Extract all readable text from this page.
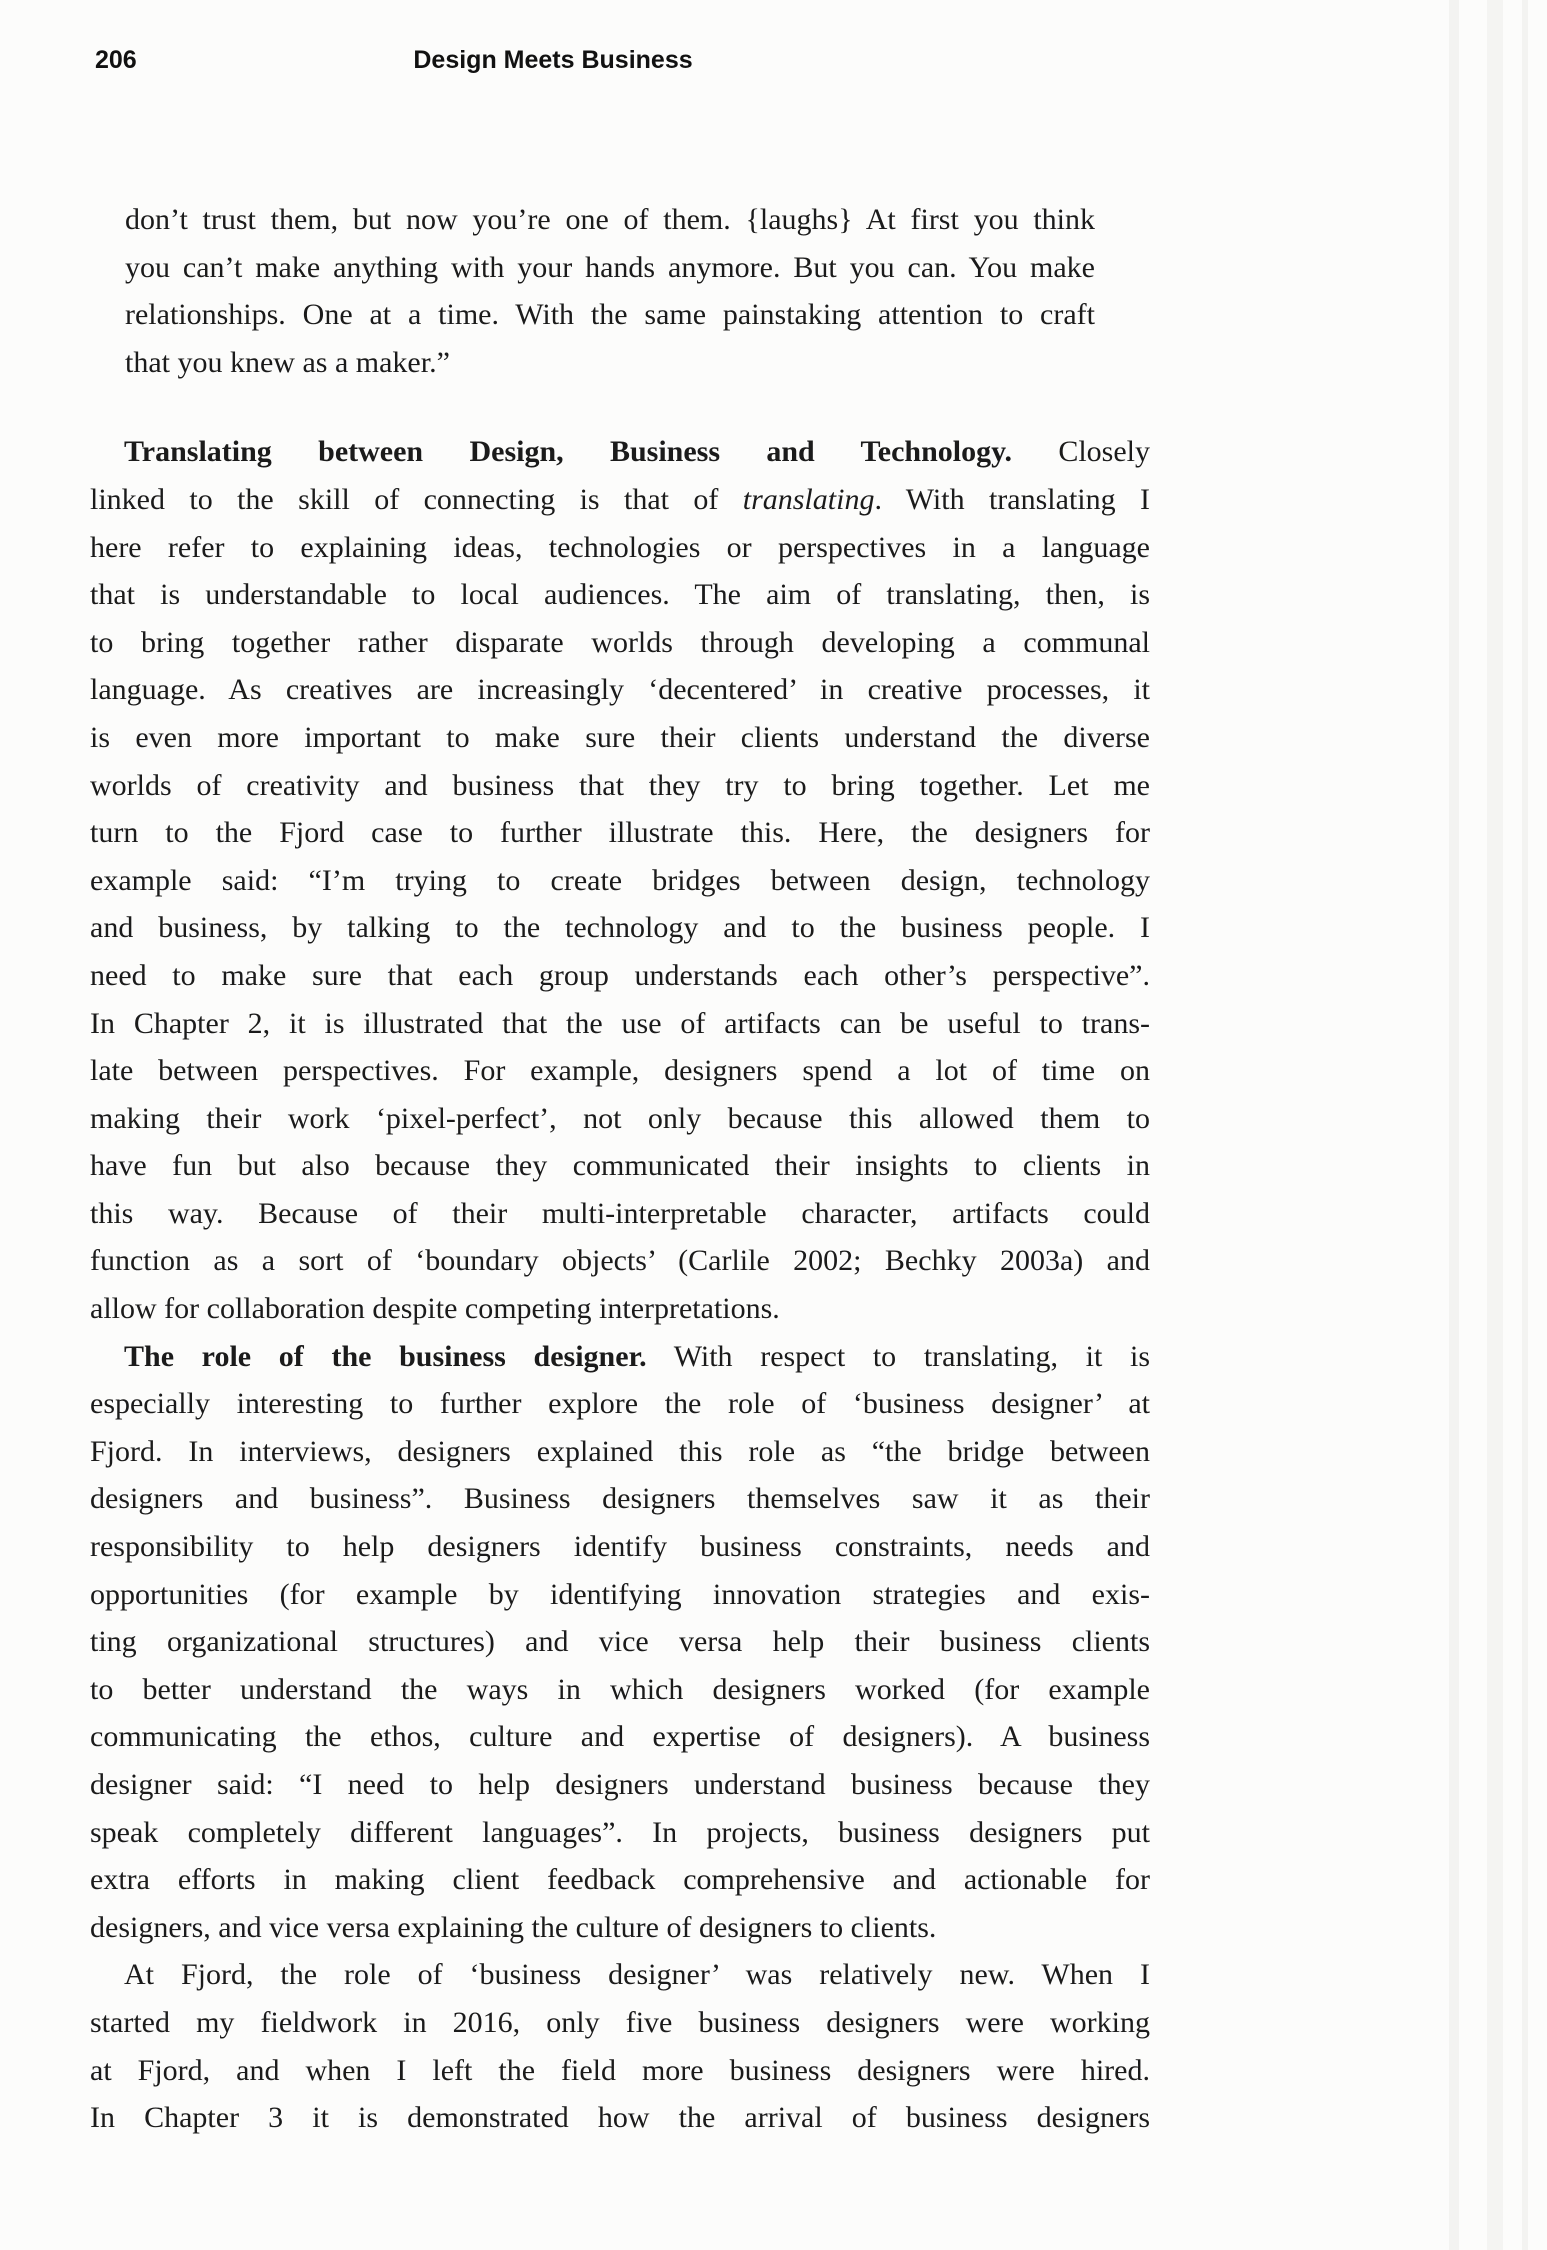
206	Design Meets Business
don’t trust them, but now you’re one of them. {laughs} At first you think
you can’t make anything with your hands anymore. But you can. You make
relationships. One at a time. With the same painstaking attention to craft
that you knew as a maker.”
Translating between Design, Business and Technology. Closely
linked to the skill of connecting is that of translating. With translating I
here refer to explaining ideas, technologies or perspectives in a language
that is understandable to local audiences. The aim of translating, then, is
to bring together rather disparate worlds through developing a communal
language. As creatives are increasingly ‘decentered’ in creative processes, it
is even more important to make sure their clients understand the diverse
worlds of creativity and business that they try to bring together. Let me
turn to the Fjord case to further illustrate this. Here, the designers for
example said: “I’m trying to create bridges between design, technology
and business, by talking to the technology and to the business people. I
need to make sure that each group understands each other’s perspective”.
In Chapter 2, it is illustrated that the use of artifacts can be useful to trans-
late between perspectives. For example, designers spend a lot of time on
making their work ‘pixel-perfect’, not only because this allowed them to
have fun but also because they communicated their insights to clients in
this way. Because of their multi-interpretable character, artifacts could
function as a sort of ‘boundary objects’ (Carlile 2002; Bechky 2003a) and
allow for collaboration despite competing interpretations.
The role of the business designer. With respect to translating, it is
especially interesting to further explore the role of ‘business designer’ at
Fjord. In interviews, designers explained this role as “the bridge between
designers and business”. Business designers themselves saw it as their
responsibility to help designers identify business constraints, needs and
opportunities (for example by identifying innovation strategies and exis-
ting organizational structures) and vice versa help their business clients
to better understand the ways in which designers worked (for example
communicating the ethos, culture and expertise of designers). A business
designer said: “I need to help designers understand business because they
speak completely different languages”. In projects, business designers put
extra efforts in making client feedback comprehensive and actionable for
designers, and vice versa explaining the culture of designers to clients.
At Fjord, the role of ‘business designer’ was relatively new. When I
started my fieldwork in 2016, only five business designers were working
at Fjord, and when I left the field more business designers were hired.
In Chapter 3 it is demonstrated how the arrival of business designers
